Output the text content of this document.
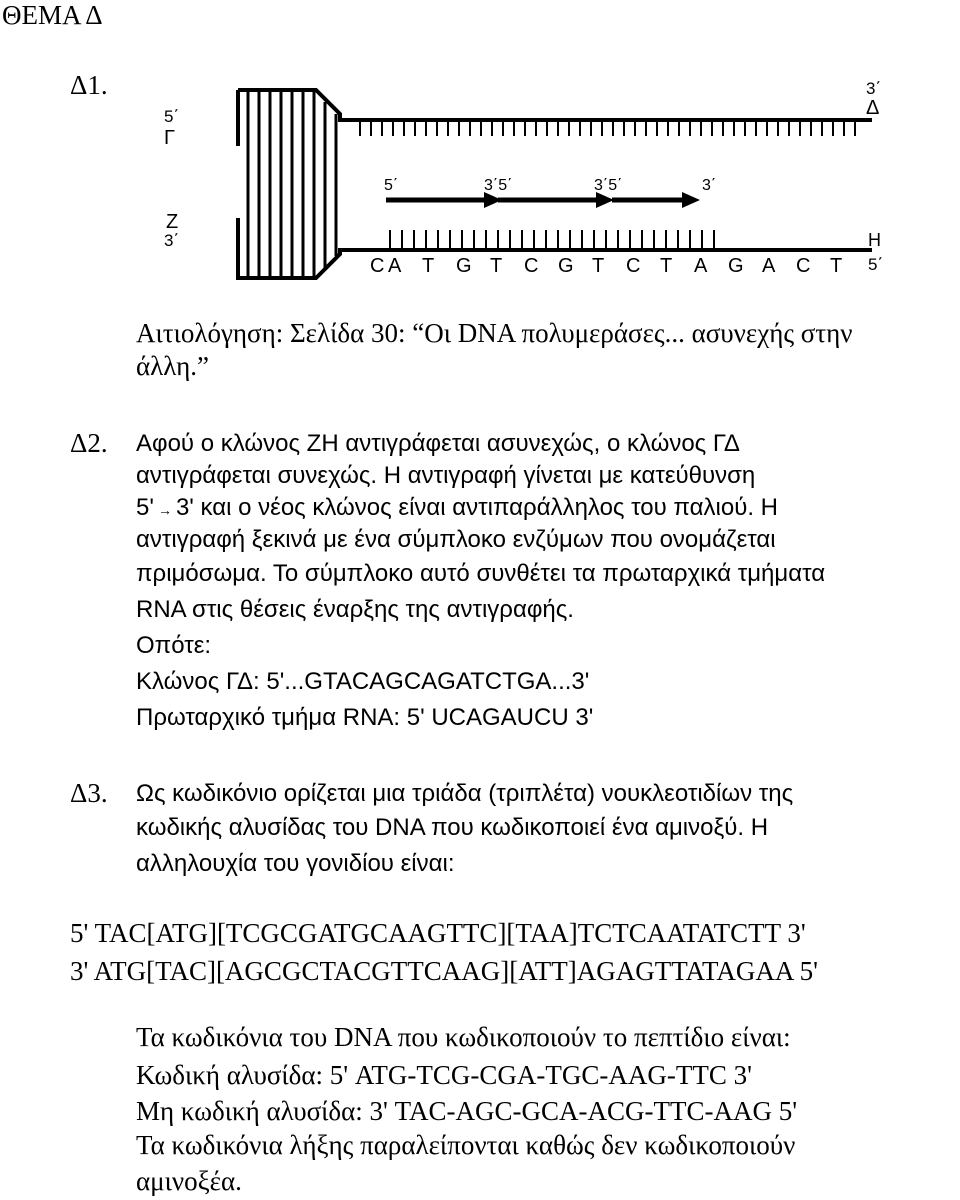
ΘΕΜΑ Δ
Δ1.
5΄
Γ
Ζ
3΄
3΄
Δ
Η
5΄
5΄	3΄5΄	3΄5΄	3΄
C A T G T C G T C T A G A C T
Αιτιολόγηση: Σελίδα 30: “Οι DNA πολυμεράσες... ασυνεχής στην
άλλη.”
Δ2. Αφού ο κλώνος ΖΗ αντιγράφεται ασυνεχώς, ο κλώνος ΓΔ
αντιγράφεται συνεχώς. Η αντιγραφή γίνεται με κατεύθυνση
5' → 3' και ο νέος κλώνος είναι αντιπαράλληλος του παλιού. Η
αντιγραφή ξεκινά με ένα σύμπλοκο ενζύμων που ονομάζεται
πριμόσωμα. Το σύμπλοκο αυτό συνθέτει τα πρωταρχικά τμήματα
RNA στις θέσεις έναρξης της αντιγραφής.
Οπότε:
Κλώνος ΓΔ: 5'...GTACAGCAGATCTGA...3'
Πρωταρχικό τμήμα RNA: 5' UCAGAUCU 3'
Δ3. Ως κωδικόνιο ορίζεται μια τριάδα (τριπλέτα) νουκλεοτιδίων της
κωδικής αλυσίδας του DNA που κωδικοποιεί ένα αμινοξύ. Η
αλληλουχία του γονιδίου είναι:
5' TAC[ATG][TCGCGATGCAAGTTC][TAA]TCTCAATATCTT 3'
3' ATG[TAC][AGCGCTACGTTCAAG][ATT]AGAGTTATAGAA 5'
Τα κωδικόνια του DNA που κωδικοποιούν το πεπτίδιο είναι:
Κωδική αλυσίδα: 5' ATG-TCG-CGA-TGC-AAG-TTC 3'
Μη κωδική αλυσίδα: 3' TAC-AGC-GCA-ACG-TTC-AAG 5'
Τα κωδικόνια λήξης παραλείπονται καθώς δεν κωδικοποιούν
αμινοξέα.
